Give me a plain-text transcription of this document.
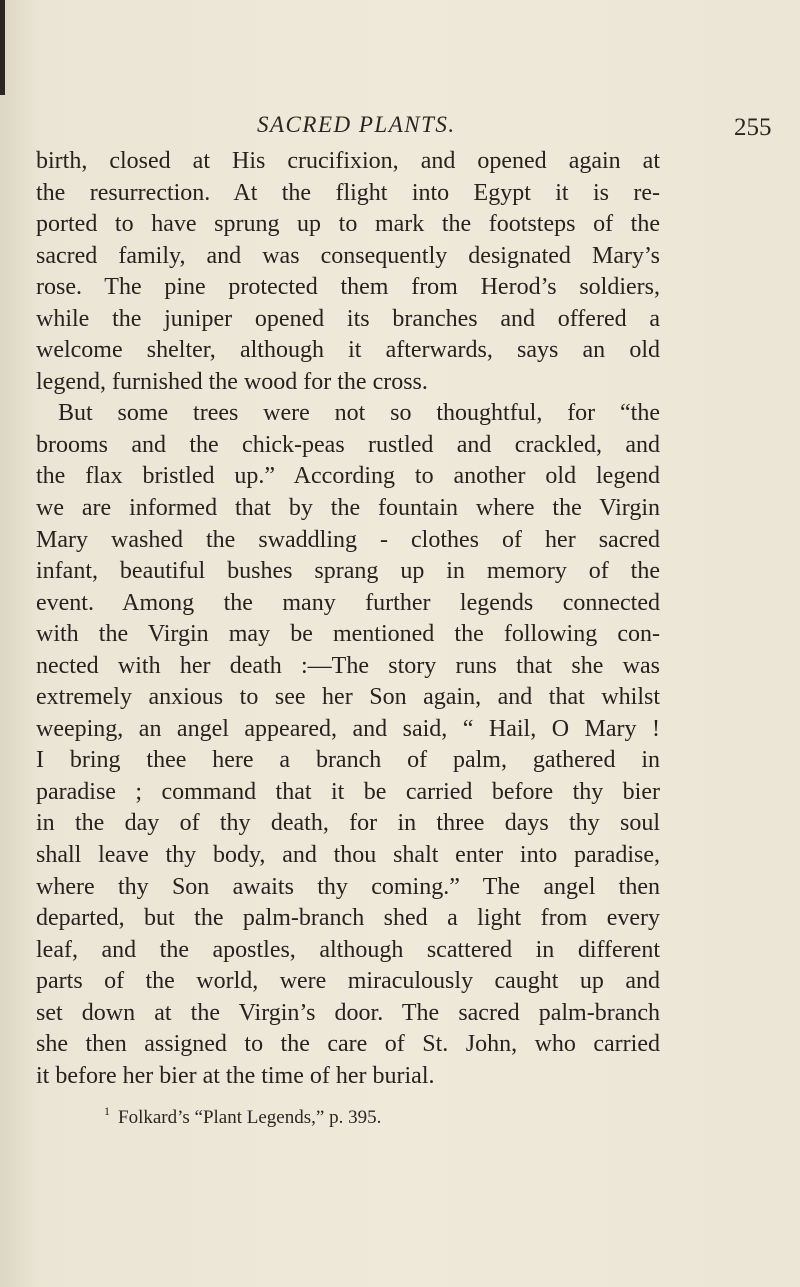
SACRED PLANTS.	255
birth, closed at His crucifixion, and opened again at
the resurrection. At the flight into Egypt it is re-
ported to have sprung up to mark the footsteps of the
sacred family, and was consequently designated Mary’s
rose. The pine protected them from Herod’s soldiers,
while the juniper opened its branches and offered a
welcome shelter, although it afterwards, says an old
legend, furnished the wood for the cross.
But some trees were not so thoughtful, for “the
brooms and the chick-peas rustled and crackled, and
the flax bristled up.” According to another old legend
we are informed that by the fountain where the Virgin
Mary washed the swaddling - clothes of her sacred
infant, beautiful bushes sprang up in memory of the
event. Among the many further legends connected
with the Virgin may be mentioned the following con-
nected with her death :—The story runs that she was
extremely anxious to see her Son again, and that whilst
weeping, an angel appeared, and said, “ Hail, O Mary !
I bring thee here a branch of palm, gathered in
paradise ; command that it be carried before thy bier
in the day of thy death, for in three days thy soul
shall leave thy body, and thou shalt enter into paradise,
where thy Son awaits thy coming.” The angel then
departed, but the palm-branch shed a light from every
leaf, and the apostles, although scattered in different
parts of the world, were miraculously caught up and
set down at the Virgin’s door. The sacred palm-branch
she then assigned to the care of St. John, who carried
it before her bier at the time of her burial.
$^1$ Folkard’s “Plant Legends,” p. 395.
